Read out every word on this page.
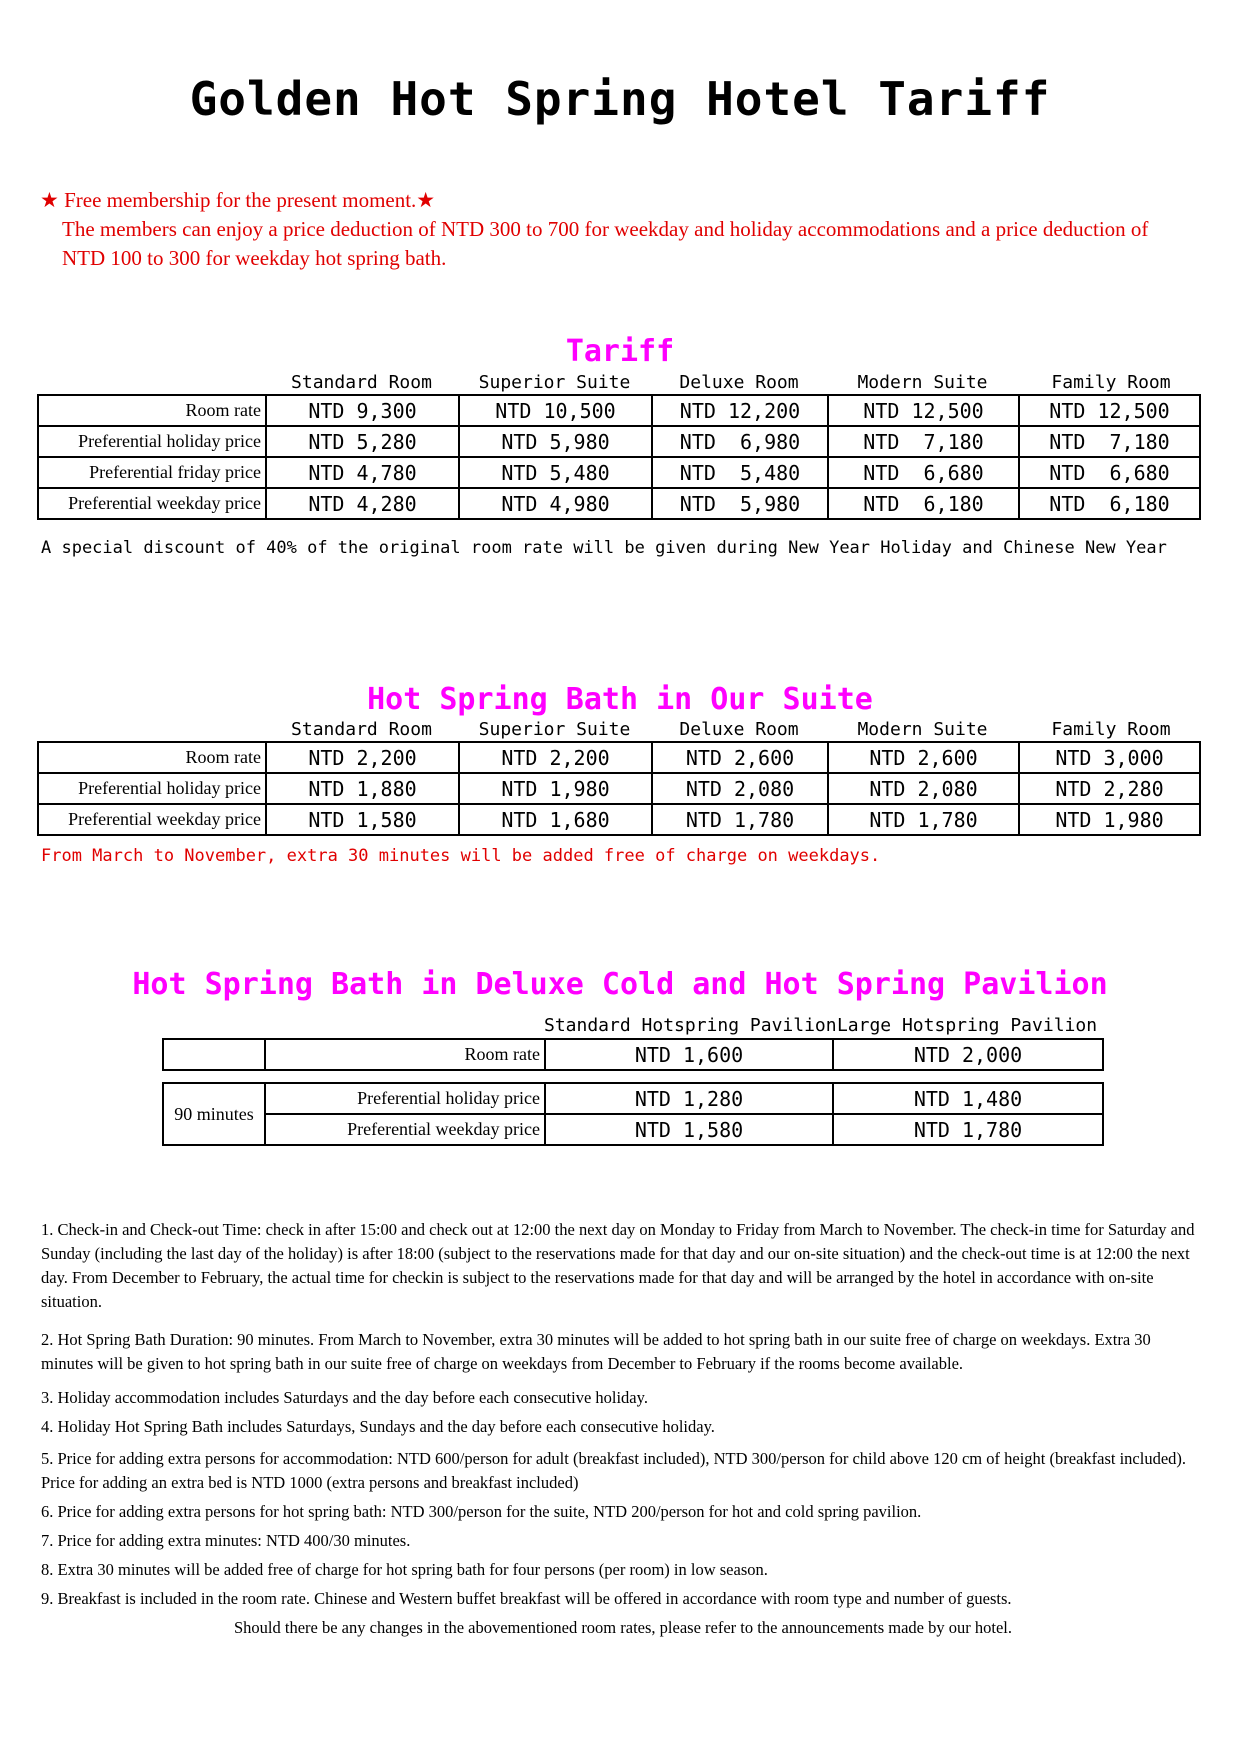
Golden Hot Spring Hotel Tariff
★ Free membership for the present moment.★
The members can enjoy a price deduction of NTD 300 to 700 for weekday and holiday accommodations and a price deduction of
NTD 100 to 300 for weekday hot spring bath.
Tariff
Standard Room	Superior Suite	Deluxe Room	Modern Suite	Family Room
Room rate	NTD 9,300	NTD 10,500	NTD 12,200	NTD 12,500	NTD 12,500
Preferential holiday price	NTD 5,280	NTD 5,980	NTD  6,980	NTD  7,180	NTD  7,180
Preferential friday price	NTD 4,780	NTD 5,480	NTD  5,480	NTD  6,680	NTD  6,680
Preferential weekday price	NTD 4,280	NTD 4,980	NTD  5,980	NTD  6,180	NTD  6,180
A special discount of 40% of the original room rate will be given during New Year Holiday and Chinese New Year
Hot Spring Bath in Our Suite
Standard Room	Superior Suite	Deluxe Room	Modern Suite	Family Room
Room rate	NTD 2,200	NTD 2,200	NTD 2,600	NTD 2,600	NTD 3,000
Preferential holiday price	NTD 1,880	NTD 1,980	NTD 2,080	NTD 2,080	NTD 2,280
Preferential weekday price	NTD 1,580	NTD 1,680	NTD 1,780	NTD 1,780	NTD 1,980
From March to November, extra 30 minutes will be added free of charge on weekdays.
Hot Spring Bath in Deluxe Cold and Hot Spring Pavilion
Standard Hotspring Pavilion Large Hotspring Pavilion
	Room rate	NTD 1,600	NTD 2,000
90 minutes	Preferential holiday price	NTD 1,280	NTD 1,480
	Preferential weekday price	NTD 1,580	NTD 1,780

1. Check-in and Check-out Time: check in after 15:00 and check out at 12:00 the next day on Monday to Friday from March to November. The check-in time for Saturday and Sunday (including the last day of the holiday) is after 18:00 (subject to the reservations made for that day and our on-site situation) and the check-out time is at 12:00 the next day. From December to February, the actual time for checkin is subject to the reservations made for that day and will be arranged by the hotel in accordance with on-site situation.

2. Hot Spring Bath Duration: 90 minutes. From March to November, extra 30 minutes will be added to hot spring bath in our suite free of charge on weekdays. Extra 30 minutes will be given to hot spring bath in our suite free of charge on weekdays from December to February if the rooms become available.

3. Holiday accommodation includes Saturdays and the day before each consecutive holiday.

4. Holiday Hot Spring Bath includes Saturdays, Sundays and the day before each consecutive holiday.

5. Price for adding extra persons for accommodation: NTD 600/person for adult (breakfast included), NTD 300/person for child above 120 cm of height (breakfast included). Price for adding an extra bed is NTD 1000 (extra persons and breakfast included)

6. Price for adding extra persons for hot spring bath: NTD 300/person for the suite, NTD 200/person for hot and cold spring pavilion.

7. Price for adding extra minutes: NTD 400/30 minutes.

8. Extra 30 minutes will be added free of charge for hot spring bath for four persons (per room) in low season.

9. Breakfast is included in the room rate. Chinese and Western buffet breakfast will be offered in accordance with room type and number of guests.

Should there be any changes in the abovementioned room rates, please refer to the announcements made by our hotel.
